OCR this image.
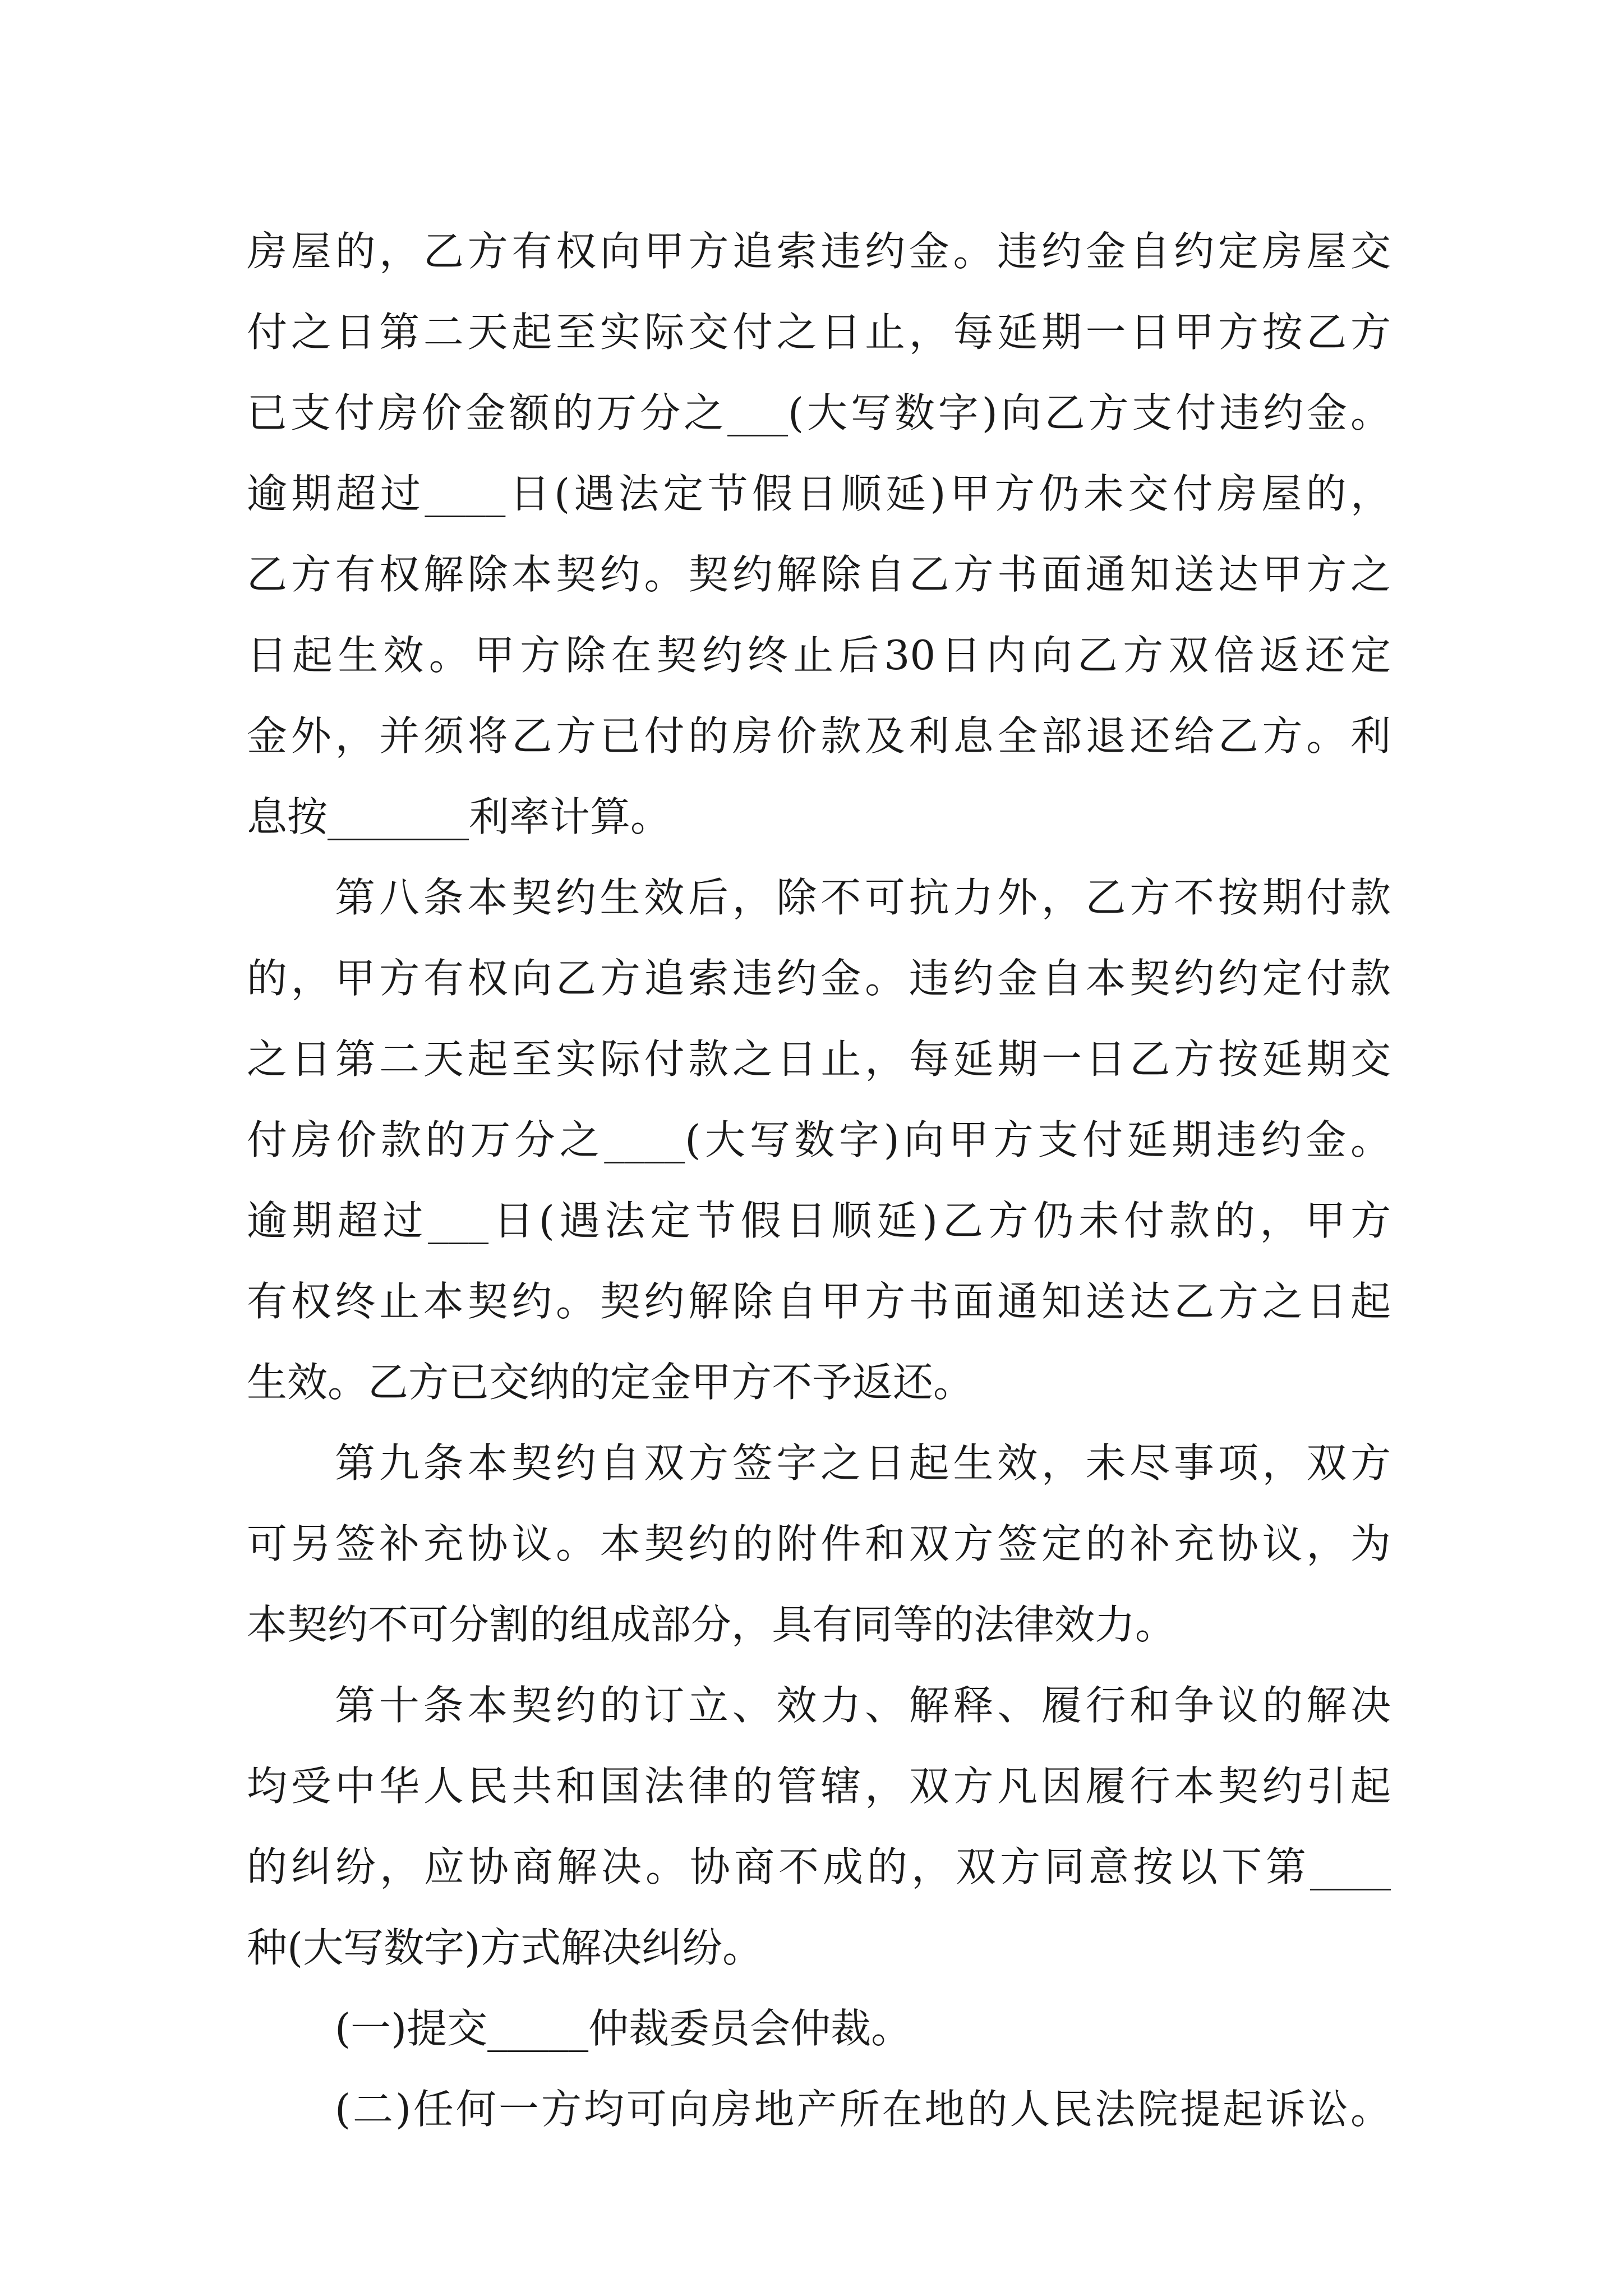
房屋的，乙方有权向甲方追索违约金。违约金自约定房屋交
付之日第二天起至实际交付之日止，每延期一日甲方按乙方
已支付房价金额的万分之___(大写数字)向乙方支付违约金。
逾期超过____日(遇法定节假日顺延)甲方仍未交付房屋的，
乙方有权解除本契约。契约解除自乙方书面通知送达甲方之
日起生效。甲方除在契约终止后30日内向乙方双倍返还定
金外，并须将乙方已付的房价款及利息全部退还给乙方。利
息按_______利率计算。
第八条本契约生效后，除不可抗力外，乙方不按期付款
的，甲方有权向乙方追索违约金。违约金自本契约约定付款
之日第二天起至实际付款之日止，每延期一日乙方按延期交
付房价款的万分之____(大写数字)向甲方支付延期违约金。
逾期超过___日(遇法定节假日顺延)乙方仍未付款的，甲方
有权终止本契约。契约解除自甲方书面通知送达乙方之日起
生效。乙方已交纳的定金甲方不予返还。
第九条本契约自双方签字之日起生效，未尽事项，双方
可另签补充协议。本契约的附件和双方签定的补充协议，为
本契约不可分割的组成部分，具有同等的法律效力。
第十条本契约的订立、效力、解释、履行和争议的解决
均受中华人民共和国法律的管辖，双方凡因履行本契约引起
的纠纷，应协商解决。协商不成的，双方同意按以下第____
种(大写数字)方式解决纠纷。
(一)提交_____仲裁委员会仲裁。
(二)任何一方均可向房地产所在地的人民法院提起诉讼。
